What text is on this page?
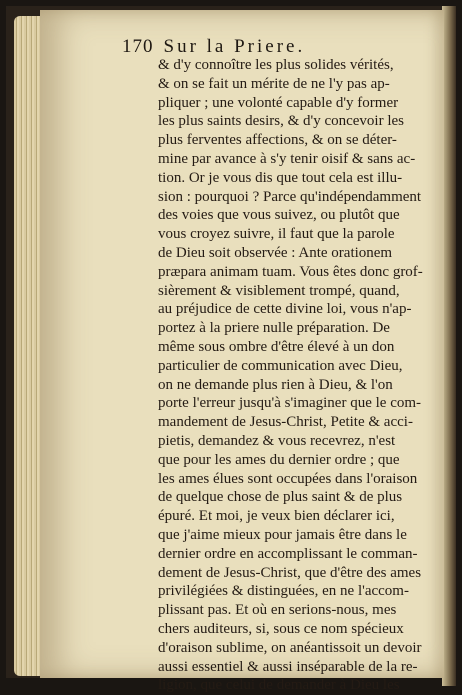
170 Sur la Priere.
& d'y connoître les plus solides vérités,
& on se fait un mérite de ne l'y pas ap-
pliquer ; une volonté capable d'y former
les plus saints desirs, & d'y concevoir les
plus ferventes affections, & on se déter-
mine par avance à s'y tenir oisif & sans ac-
tion. Or je vous dis que tout cela est illu-
sion : pourquoi ? Parce qu'indépendamment
des voies que vous suivez, ou plutôt que
vous croyez suivre, il faut que la parole
de Dieu soit observée : Ante orationem
præpara animam tuam. Vous êtes donc grof-
sièrement & visiblement trompé, quand,
au préjudice de cette divine loi, vous n'ap-
portez à la priere nulle préparation. De
même sous ombre d'être élevé à un don
particulier de communication avec Dieu,
on ne demande plus rien à Dieu, & l'on
porte l'erreur jusqu'à s'imaginer que le com-
mandement de Jesus-Christ, Petite & acci-
pietis, demandez & vous recevrez, n'est
que pour les ames du dernier ordre ; que
les ames élues sont occupées dans l'oraison
de quelque chose de plus saint & de plus
épuré. Et moi, je veux bien déclarer ici,
que j'aime mieux pour jamais être dans le
dernier ordre en accomplissant le comman-
dement de Jesus-Christ, que d'être des ames
privilégiées & distinguées, en ne l'accom-
plissant pas. Et où en serions-nous, mes
chers auditeurs, si, sous ce nom spécieux
d'oraison sublime, on anéantissoit un devoir
aussi essentiel & aussi inséparable de la re-
ligion, que celui de demander à Dieu les
